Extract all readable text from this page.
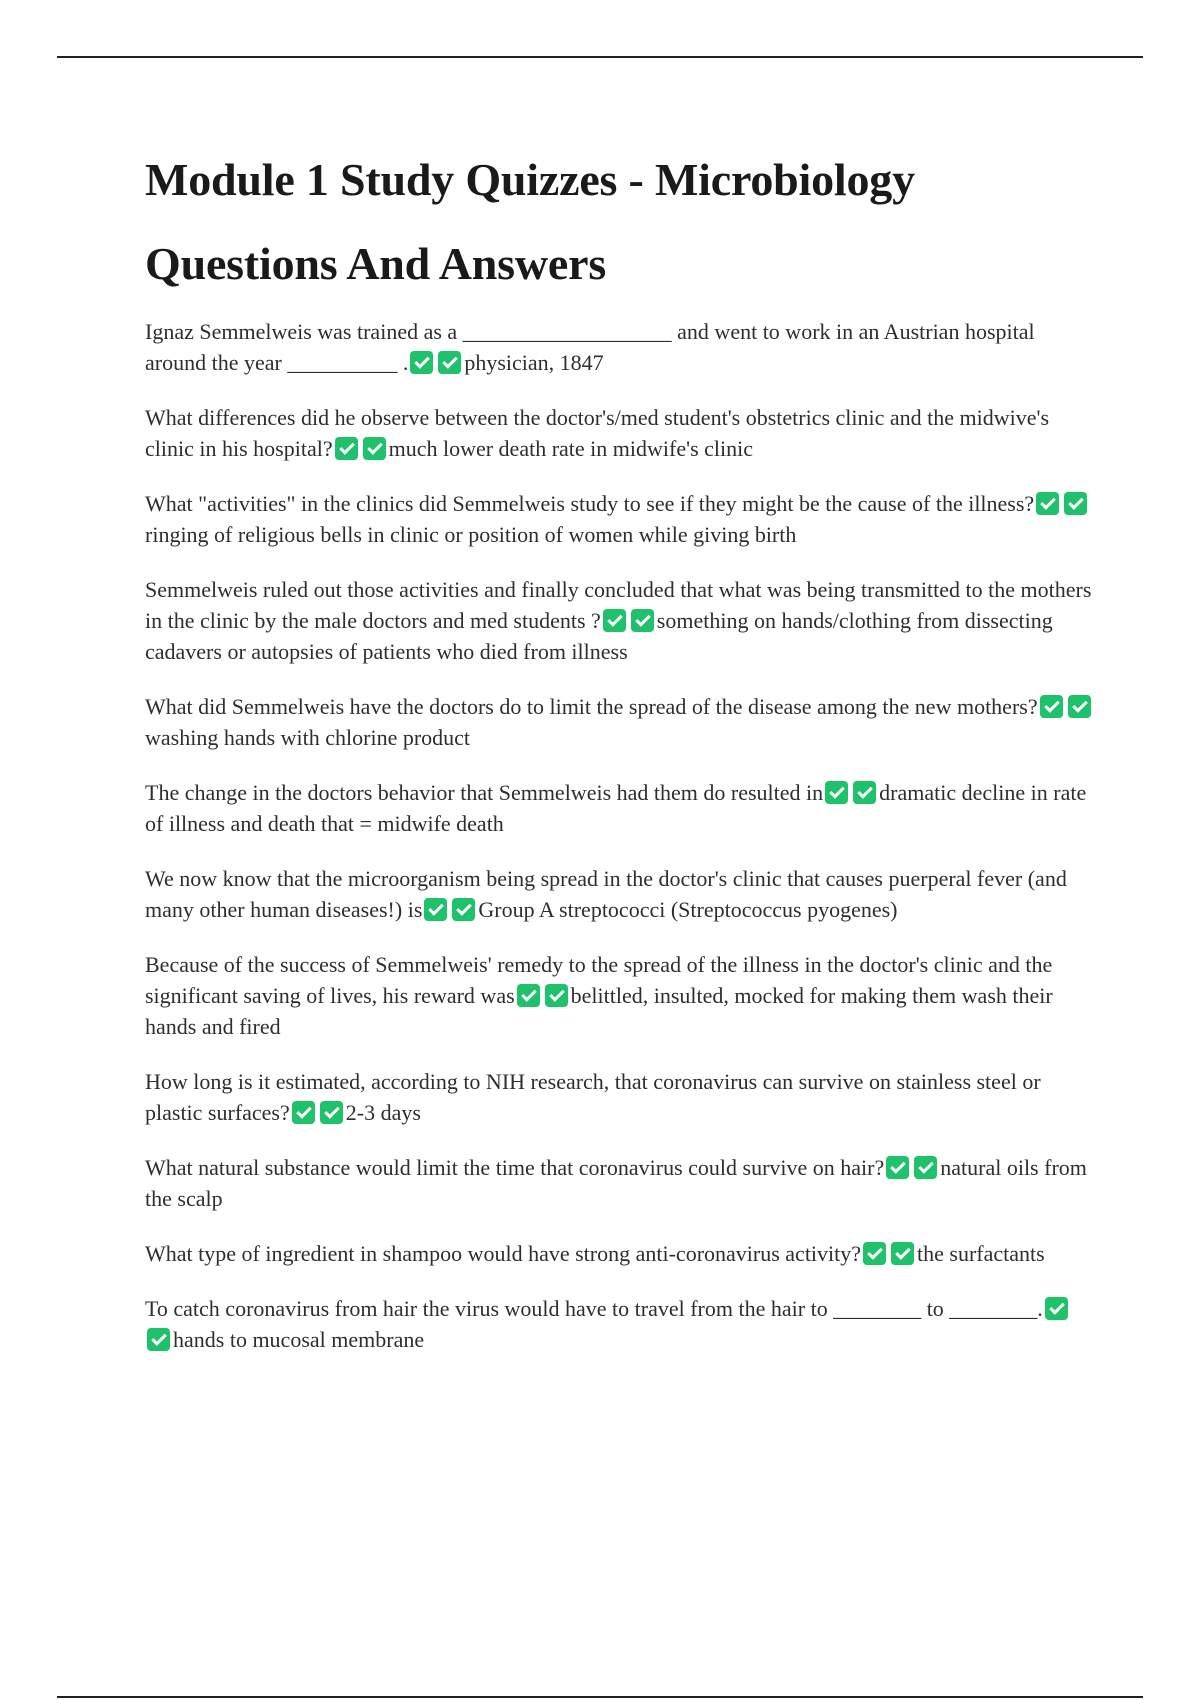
Module 1 Study Quizzes - Microbiology
Questions And Answers

Ignaz Semmelweis was trained as a ___________________ and went to work in an Austrian hospital around the year __________ .	physician, 1847

What differences did he observe between the doctor's/med student's obstetrics clinic and the midwive's clinic in his hospital?	much lower death rate in midwife's clinic

What "activities" in the clinics did Semmelweis study to see if they might be the cause of the illness?ringing of religious bells in clinic or position of women while giving birth

Semmelweis ruled out those activities and finally concluded that what was being transmitted to the mothers in the clinic by the male doctors and med students ?	something on hands/clothing from dissecting cadavers or autopsies of patients who died from illness

What did Semmelweis have the doctors do to limit the spread of the disease among the new mothers?washing hands with chlorine product

The change in the doctors behavior that Semmelweis had them do resulted in	dramatic decline in rate of illness and death that = midwife death

We now know that the microorganism being spread in the doctor's clinic that causes puerperal fever (and many other human diseases!) is	Group A streptococci (Streptococcus pyogenes)

Because of the success of Semmelweis' remedy to the spread of the illness in the doctor's clinic and the significant saving of lives, his reward was	belittled, insulted, mocked for making them wash their hands and fired

How long is it estimated, according to NIH research, that coronavirus can survive on stainless steel or plastic surfaces?	2-3 days

What natural substance would limit the time that coronavirus could survive on hair?	natural oils from the scalp

What type of ingredient in shampoo would have strong anti-coronavirus activity?	the surfactants

To catch coronavirus from hair the virus would have to travel from the hair to ________ to ________.hands to mucosal membrane
